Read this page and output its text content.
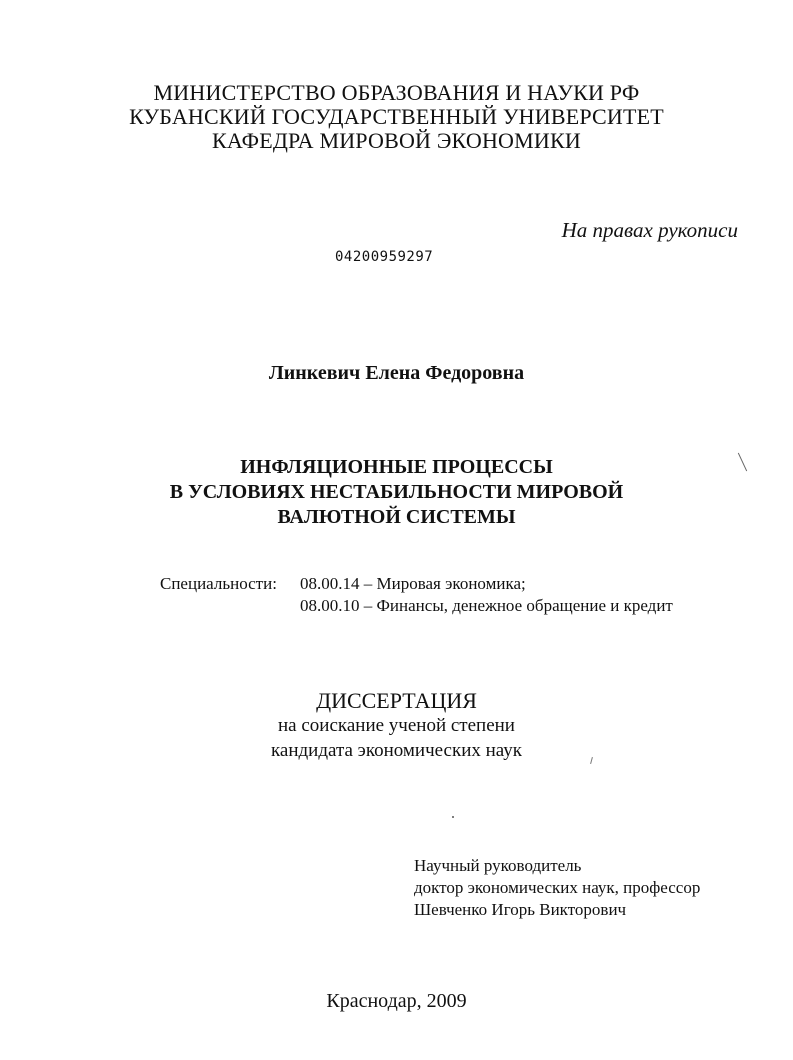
МИНИСТЕРСТВО ОБРАЗОВАНИЯ И НАУКИ РФ
КУБАНСКИЙ ГОСУДАРСТВЕННЫЙ УНИВЕРСИТЕТ
КАФЕДРА МИРОВОЙ ЭКОНОМИКИ
На правах рукописи
04200959297
Линкевич Елена Федоровна
ИНФЛЯЦИОННЫЕ ПРОЦЕССЫ
В УСЛОВИЯХ НЕСТАБИЛЬНОСТИ МИРОВОЙ
ВАЛЮТНОЙ СИСТЕМЫ
Специальности: 08.00.14 – Мировая экономика;
08.00.10 – Финансы, денежное обращение и кредит
ДИССЕРТАЦИЯ
на соискание ученой степени
кандидата экономических наук
Научный руководитель
доктор экономических наук, профессор
Шевченко Игорь Викторович
Краснодар, 2009
